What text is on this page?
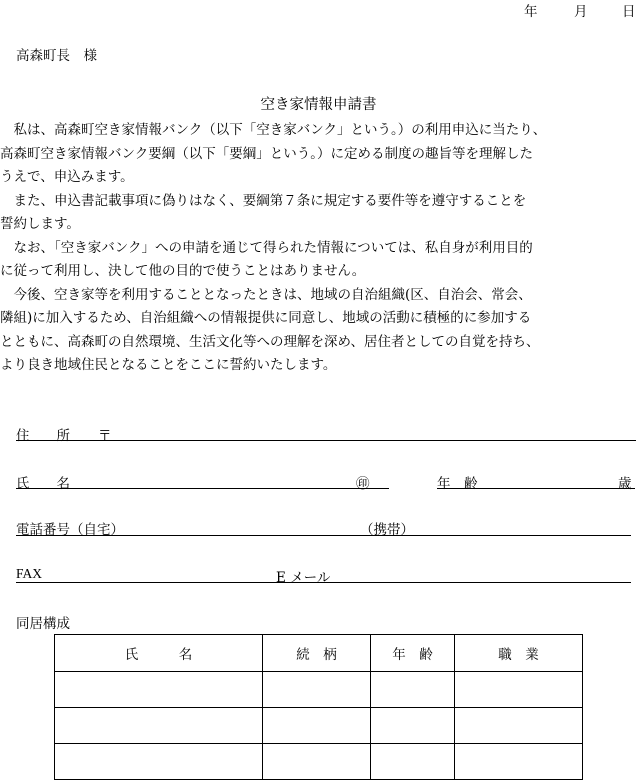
年	月	日
高森町長　様
空き家情報申請書
　私は、高森町空き家情報バンク（以下「空き家バンク」という。）の利用申込に当たり、
高森町空き家情報バンク要綱（以下「要綱」という。）に定める制度の趣旨等を理解した
うえで、申込みます。
　また、申込書記載事項に偽りはなく、要綱第７条に規定する要件等を遵守することを
誓約します。
　なお、「空き家バンク」への申請を通じて得られた情報については、私自身が利用目的
に従って利用し、決して他の目的で使うことはありません。
　今後、空き家等を利用することとなったときは、地域の自治組織(区、自治会、常会、
隣組)に加入するため、自治組織への情報提供に同意し、地域の活動に積極的に参加する
とともに、高森町の自然環境、生活文化等への理解を深め、居住者としての自覚を持ち、
より良き地域住民となることをここに誓約いたします。
住　　所 〒
氏　　名	㊞	年　齢	歳
電話番号（自宅）	（携帯）
FAX	E メール
同居構成
氏　　　名	続　柄	年　齢	職　業
